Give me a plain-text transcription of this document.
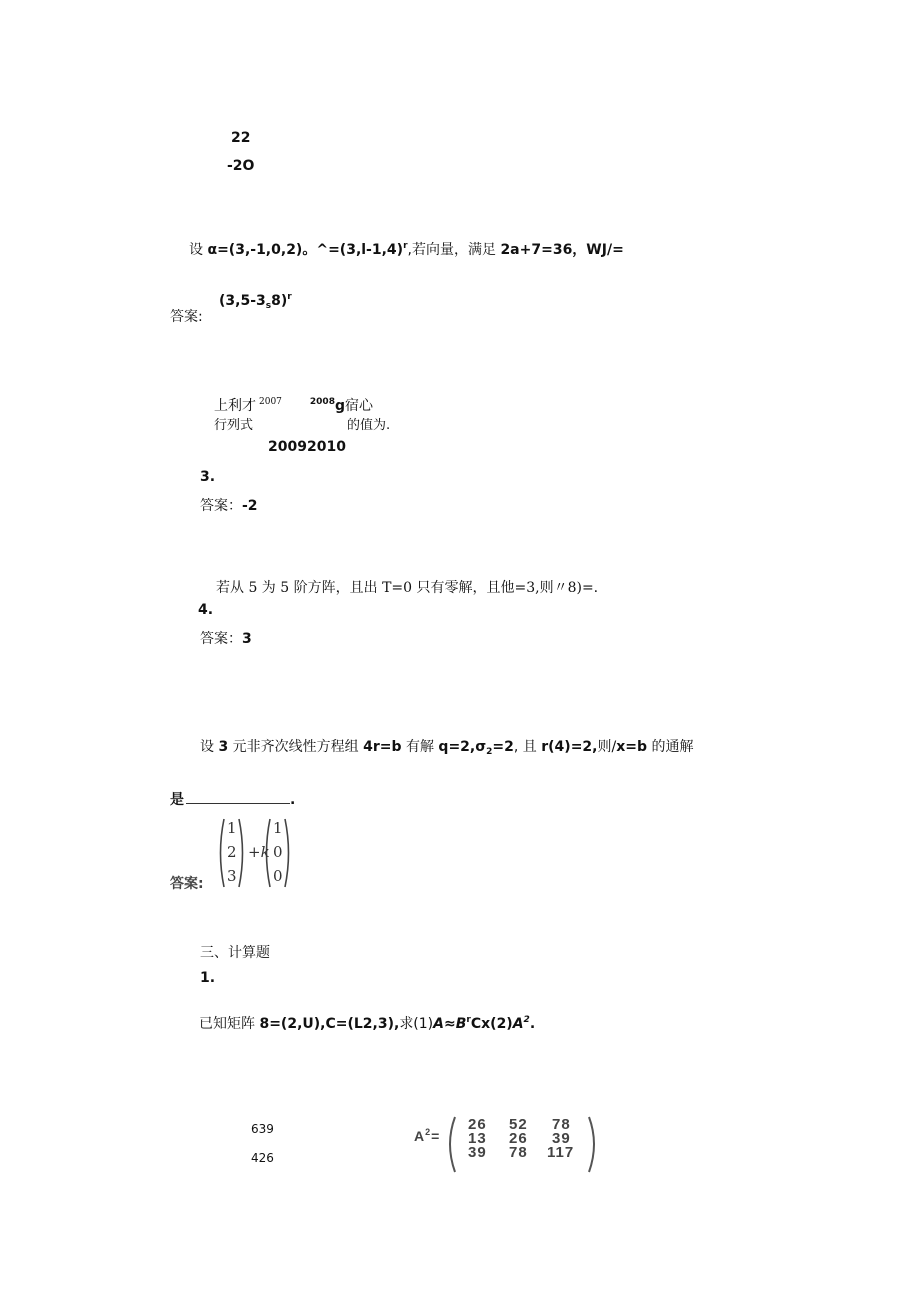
22
-2O
设 α=(3,-1,0,2)。$\^{}=(3,l-1,4)^r$,若向量，满足 2a+7=36，WJ/=
$(3,5-3_s8)^r$
答案:
上利才 $^{2007}$	$^{2008}$g宿心
行列式	的值为.
20092010
3.
答案：-2
若从 5 为 5 阶方阵，且出 T=0 只有零解，且他=3,则〃8)=.
4.
答案：3
设 3 元非齐次线性方程组 4r=b 有解 $q=2,\sigma_2=2$, 且 r(4)=2,则/x=b 的通解
是	.
答案:
1
2
3
+k
1
0
0
三、计算题
1.
已知矩阵 8=(2,U),C=(L2,3),求$(1)A\approx B^rCx(2)A^2$.
639
426
$A^2=$
26 52 78
13 26 39
39 78 117
